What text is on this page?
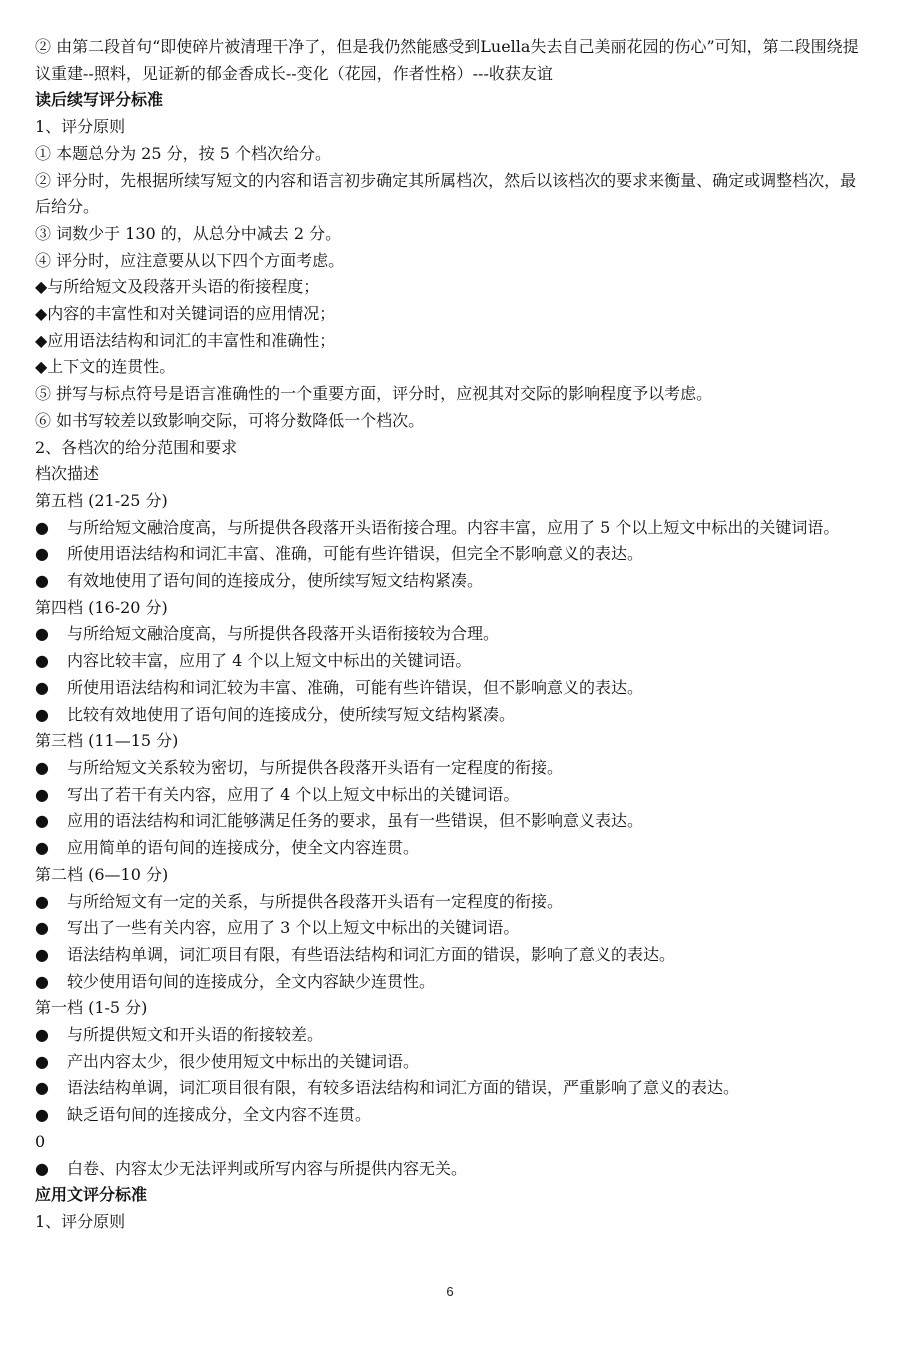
② 由第二段首句“即使碎片被清理干净了，但是我仍然能感受到Luella失去自己美丽花园的伤心”可知，第二段围绕提议重建--照料，见证新的郁金香成长--变化（花园，作者性格）---收获友谊

读后续写评分标准

1、评分原则

① 本题总分为 25 分，按 5 个档次给分。

② 评分时，先根据所续写短文的内容和语言初步确定其所属档次，然后以该档次的要求来衡量、确定或调整档次，最后给分。

③ 词数少于 130 的，从总分中减去 2 分。

④ 评分时，应注意要从以下四个方面考虑。

◆与所给短文及段落开头语的衔接程度；

◆内容的丰富性和对关键词语的应用情况；

◆应用语法结构和词汇的丰富性和准确性；

◆上下文的连贯性。

⑤ 拼写与标点符号是语言准确性的一个重要方面，评分时，应视其对交际的影响程度予以考虑。

⑥ 如书写较差以致影响交际，可将分数降低一个档次。

2、各档次的给分范围和要求

档次描述

第五档 (21-25 分)

●	与所给短文融洽度高，与所提供各段落开头语衔接合理。内容丰富，应用了 5 个以上短文中标出的关键词语。
●	所使用语法结构和词汇丰富、准确，可能有些许错误，但完全不影响意义的表达。
●	有效地使用了语句间的连接成分，使所续写短文结构紧凑。

第四档 (16-20 分)

●	与所给短文融洽度高，与所提供各段落开头语衔接较为合理。
●	内容比较丰富，应用了 4 个以上短文中标出的关键词语。
●	所使用语法结构和词汇较为丰富、准确，可能有些许错误，但不影响意义的表达。
●	比较有效地使用了语句间的连接成分，使所续写短文结构紧凑。

第三档 (11—15 分)

●	与所给短文关系较为密切，与所提供各段落开头语有一定程度的衔接。
●	写出了若干有关内容，应用了 4 个以上短文中标出的关键词语。
●	应用的语法结构和词汇能够满足任务的要求，虽有一些错误，但不影响意义表达。
●	应用简单的语句间的连接成分，使全文内容连贯。

第二档 (6—10 分)

●	与所给短文有一定的关系，与所提供各段落开头语有一定程度的衔接。
●	写出了一些有关内容，应用了 3 个以上短文中标出的关键词语。
●	语法结构单调，词汇项目有限，有些语法结构和词汇方面的错误，影响了意义的表达。
●	较少使用语句间的连接成分，全文内容缺少连贯性。

第一档 (1-5 分)

●	与所提供短文和开头语的衔接较差。
●	产出内容太少，很少使用短文中标出的关键词语。
●	语法结构单调，词汇项目很有限，有较多语法结构和词汇方面的错误，严重影响了意义的表达。
●	缺乏语句间的连接成分，全文内容不连贯。

0

●	白卷、内容太少无法评判或所写内容与所提供内容无关。

应用文评分标准

1、评分原则

6
